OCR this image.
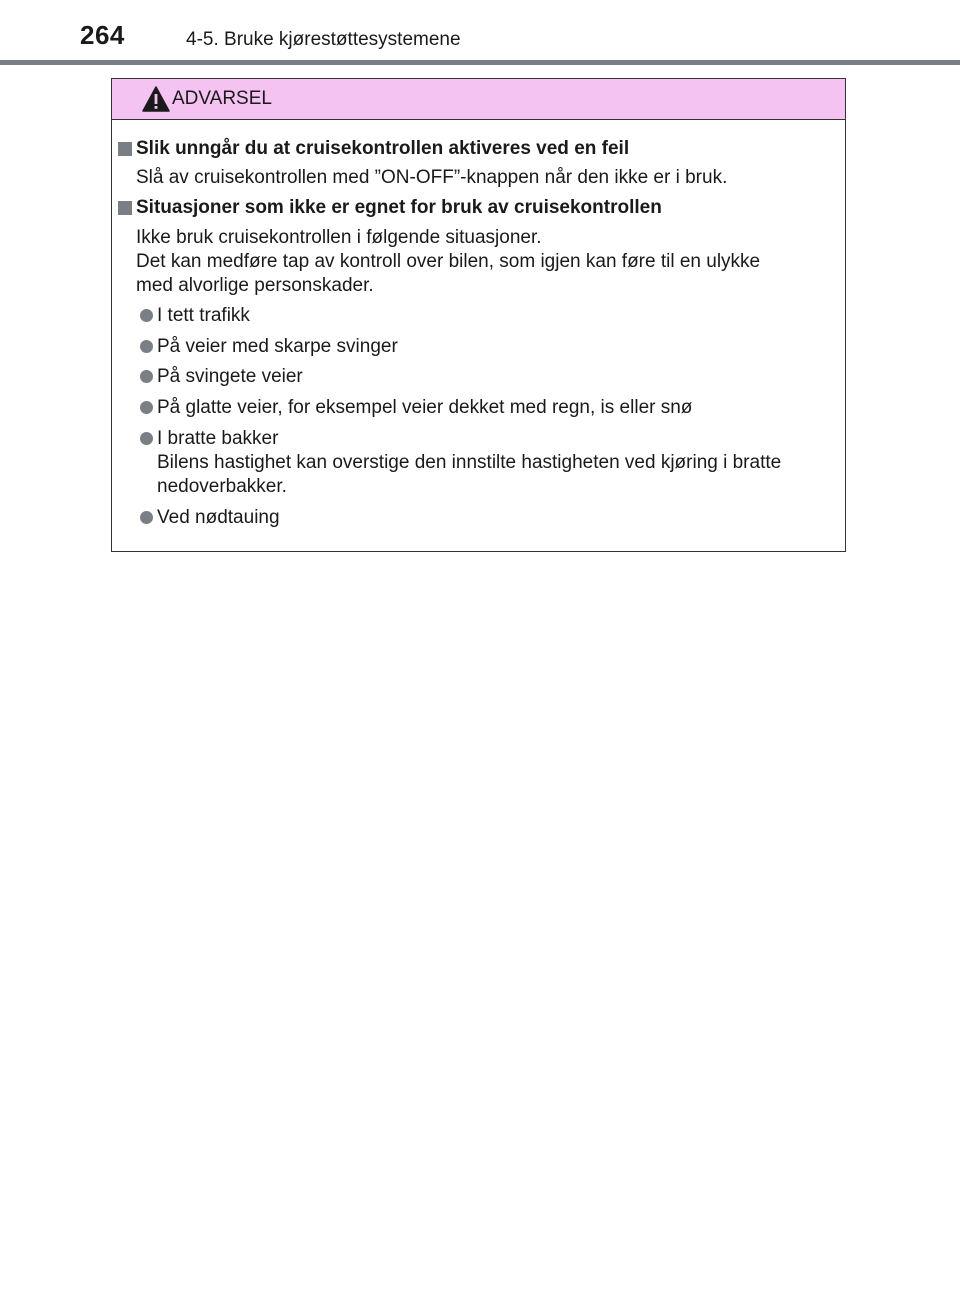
264	4-5. Bruke kjørestøttesystemene
ADVARSEL
Slik unngår du at cruisekontrollen aktiveres ved en feil
Slå av cruisekontrollen med ”ON-OFF”-knappen når den ikke er i bruk.
Situasjoner som ikke er egnet for bruk av cruisekontrollen
Ikke bruk cruisekontrollen i følgende situasjoner.
Det kan medføre tap av kontroll over bilen, som igjen kan føre til en ulykke
med alvorlige personskader.
I tett trafikk
På veier med skarpe svinger
På svingete veier
På glatte veier, for eksempel veier dekket med regn, is eller snø
I bratte bakker
Bilens hastighet kan overstige den innstilte hastigheten ved kjøring i bratte
nedoverbakker.
Ved nødtauing
